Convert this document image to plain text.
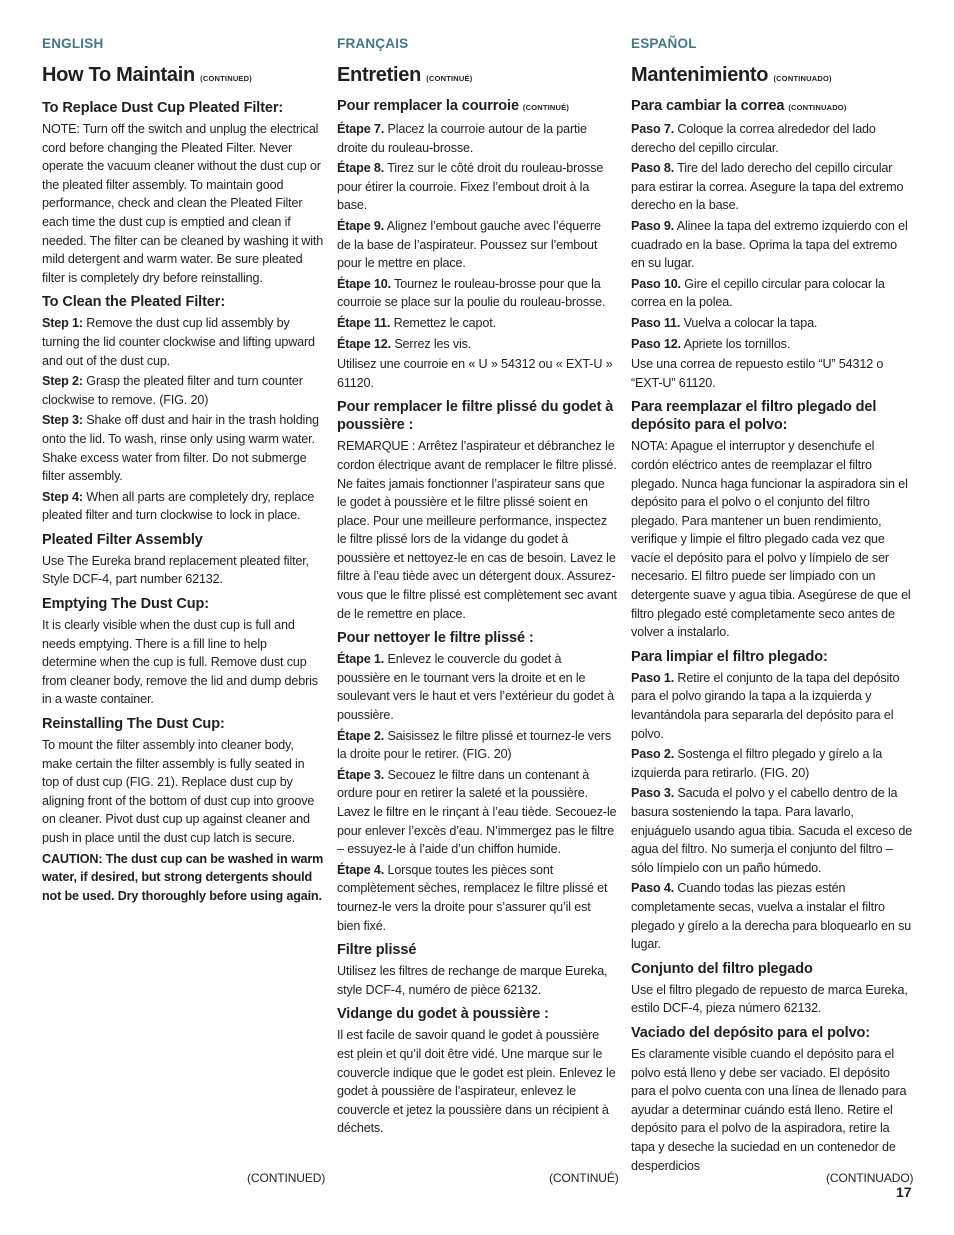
ENGLISH
How To Maintain (CONTINUED)
To Replace Dust Cup Pleated Filter:

NOTE: Turn off the switch and unplug the electrical cord before changing the Pleated Filter. Never operate the vacuum cleaner without the dust cup or the pleated filter assembly. To maintain good performance, check and clean the Pleated Filter each time the dust cup is emptied and clean if needed. The filter can be cleaned by washing it with mild detergent and warm water. Be sure pleated filter is completely dry before reinstalling.

To Clean the Pleated Filter:

Step 1: Remove the dust cup lid assembly by turning the lid counter clockwise and lifting upward and out of the dust cup.

Step 2: Grasp the pleated filter and turn counter clockwise to remove. (FIG. 20)

Step 3: Shake off dust and hair in the trash holding onto the lid. To wash, rinse only using warm water. Shake excess water from filter. Do not submerge filter assembly.

Step 4: When all parts are completely dry, replace pleated filter and turn clockwise to lock in place.

Pleated Filter Assembly

Use The Eureka brand replacement pleated filter, Style DCF-4, part number 62132.

Emptying The Dust Cup:

It is clearly visible when the dust cup is full and needs emptying. There is a fill line to help determine when the cup is full. Remove dust cup from cleaner body, remove the lid and dump debris in a waste container.

Reinstalling The Dust Cup:

To mount the filter assembly into cleaner body, make certain the filter assembly is fully seated in top of dust cup (FIG. 21). Replace dust cup by aligning front of the bottom of dust cup into groove on cleaner. Pivot dust cup up against cleaner and push in place until the dust cup latch is secure.

CAUTION: The dust cup can be washed in warm water, if desired, but strong detergents should not be used. Dry thoroughly before using again.

FRANÇAIS
Entretien (CONTINUÉ)
Pour remplacer la courroie (CONTINUÉ)

Étape 7. Placez la courroie autour de la partie droite du rouleau-brosse.

Étape 8. Tirez sur le côté droit du rouleau-brosse pour étirer la courroie. Fixez l’embout droit à la base.

Étape 9. Alignez l’embout gauche avec l’équerre de la base de l’aspirateur. Poussez sur l’embout pour le mettre en place.

Étape 10. Tournez le rouleau-brosse pour que la courroie se place sur la poulie du rouleau-brosse.

Étape 11. Remettez le capot.

Étape 12. Serrez les vis.

Utilisez une courroie en « U » 54312 ou « EXT-U » 61120.

Pour remplacer le filtre plissé du godet à poussière :

REMARQUE : Arrêtez l’aspirateur et débranchez le cordon électrique avant de remplacer le filtre plissé. Ne faites jamais fonctionner l’aspirateur sans que le godet à poussière et le filtre plissé soient en place. Pour une meilleure performance, inspectez le filtre plissé lors de la vidange du godet à poussière et nettoyez-le en cas de besoin. Lavez le filtre à l’eau tiède avec un détergent doux. Assurez-vous que le filtre plissé est complètement sec avant de le remettre en place.

Pour nettoyer le filtre plissé :

Étape 1. Enlevez le couvercle du godet à poussière en le tournant vers la droite et en le soulevant vers le haut et vers l’extérieur du godet à poussière.

Étape 2. Saisissez le filtre plissé et tournez-le vers la droite pour le retirer. (FIG. 20)

Étape 3. Secouez le filtre dans un contenant à ordure pour en retirer la saleté et la poussière. Lavez le filtre en le rinçant à l’eau tiède. Secouez-le pour enlever l’excès d’eau. N’immergez pas le filtre – essuyez-le à l’aide d’un chiffon humide.

Étape 4. Lorsque toutes les pièces sont complètement sèches, remplacez le filtre plissé et tournez-le vers la droite pour s’assurer qu’il est bien fixé.

Filtre plissé

Utilisez les filtres de rechange de marque Eureka, style DCF-4, numéro de pièce 62132.

Vidange du godet à poussière :

Il est facile de savoir quand le godet à poussière est plein et qu’il doit être vidé. Une marque sur le couvercle indique que le godet est plein. Enlevez le godet à poussière de l’aspirateur, enlevez le couvercle et jetez la poussière dans un récipient à déchets.

ESPAÑOL
Mantenimiento (CONTINUADO)
Para cambiar la correa (CONTINUADO)

Paso 7. Coloque la correa alrededor del lado derecho del cepillo circular.

Paso 8. Tire del lado derecho del cepillo circular para estirar la correa. Asegure la tapa del extremo derecho en la base.

Paso 9. Alinee la tapa del extremo izquierdo con el cuadrado en la base. Oprima la tapa del extremo en su lugar.

Paso 10. Gire el cepillo circular para colocar la correa en la polea.

Paso 11. Vuelva a colocar la tapa.

Paso 12. Apriete los tornillos.

Use una correa de repuesto estilo “U” 54312 o “EXT-U” 61120.

Para reemplazar el filtro plegado del depósito para el polvo:

NOTA: Apague el interruptor y desenchufe el cordón eléctrico antes de reemplazar el filtro plegado. Nunca haga funcionar la aspiradora sin el depósito para el polvo o el conjunto del filtro plegado. Para mantener un buen rendimiento, verifique y limpie el filtro plegado cada vez que vacíe el depósito para el polvo y límpielo de ser necesario. El filtro puede ser limpiado con un detergente suave y agua tibia. Asegúrese de que el filtro plegado esté completamente seco antes de volver a instalarlo.

Para limpiar el filtro plegado:

Paso 1. Retire el conjunto de la tapa del depósito para el polvo girando la tapa a la izquierda y levantándola para separarla del depósito para el polvo.

Paso 2. Sostenga el filtro plegado y gírelo a la izquierda para retirarlo. (FIG. 20)

Paso 3. Sacuda el polvo y el cabello dentro de la basura sosteniendo la tapa. Para lavarlo, enjuáguelo usando agua tibia. Sacuda el exceso de agua del filtro. No sumerja el conjunto del filtro – sólo límpielo con un paño húmedo.

Paso 4. Cuando todas las piezas estén completamente secas, vuelva a instalar el filtro plegado y gírelo a la derecha para bloquearlo en su lugar.

Conjunto del filtro plegado

Use el filtro plegado de repuesto de marca Eureka, estilo DCF-4, pieza número 62132.

Vaciado del depósito para el polvo:

Es claramente visible cuando el depósito para el polvo está lleno y debe ser vaciado. El depósito para el polvo cuenta con una línea de llenado para ayudar a determinar cuándo está lleno. Retire el depósito para el polvo de la aspiradora, retire la tapa y deseche la suciedad en un contenedor de desperdicios

(CONTINUED)	(CONTINUÉ)	(CONTINUADO)
17
